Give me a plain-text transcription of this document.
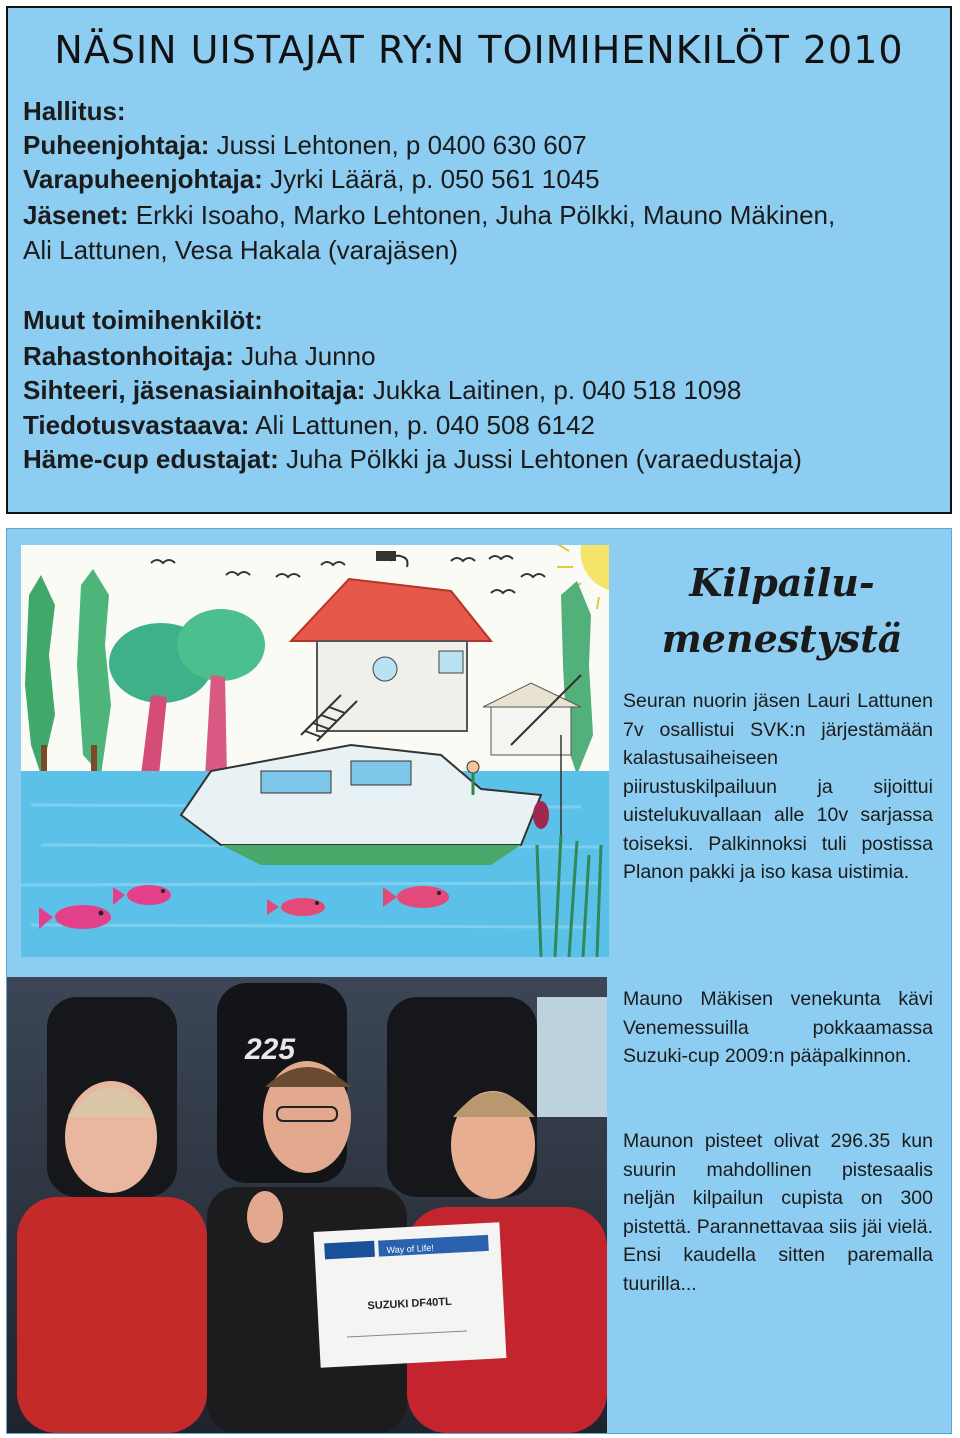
NÄSIN UISTAJAT RY:N TOIMIHENKILÖT 2010
Hallitus:
Puheenjohtaja: Jussi Lehtonen, p 0400 630 607
Varapuheenjohtaja: Jyrki Läärä, p. 050 561 1045
Jäsenet: Erkki Isoaho, Marko Lehtonen, Juha Pölkki, Mauno Mäkinen,
Ali Lattunen, Vesa Hakala (varajäsen)
Muut toimihenkilöt:
Rahastonhoitaja: Juha Junno
Sihteeri, jäsenasiainhoitaja: Jukka Laitinen, p. 040 518 1098
Tiedotusvastaava: Ali Lattunen, p. 040 508 6142
Häme-cup edustajat: Juha Pölkki ja Jussi Lehtonen (varaedustaja)
Kilpailu-
menestystä

Seuran nuorin jäsen Lauri Lattunen 7v osallistui SVK:n järjestämään kalastusaiheiseen piirustuskilpailuun ja sijoittui uistelukuvallaan alle 10v sarjassa toiseksi. Palkinnoksi tuli postissa Planon pakki ja iso kasa uistimia.

Mauno Mäkisen venekunta kävi Venemessuilla pokkaamassa Suzuki-cup 2009:n pääpalkinnon.

Maunon pisteet olivat 296.35 kun suurin mahdollinen pistesaalis neljän kilpailun cupista on 300 pistettä. Parannettavaa siis jäi vielä. Ensi kaudella sitten paremalla tuurilla...

225
Way of Life!
SUZUKI DF40TL
